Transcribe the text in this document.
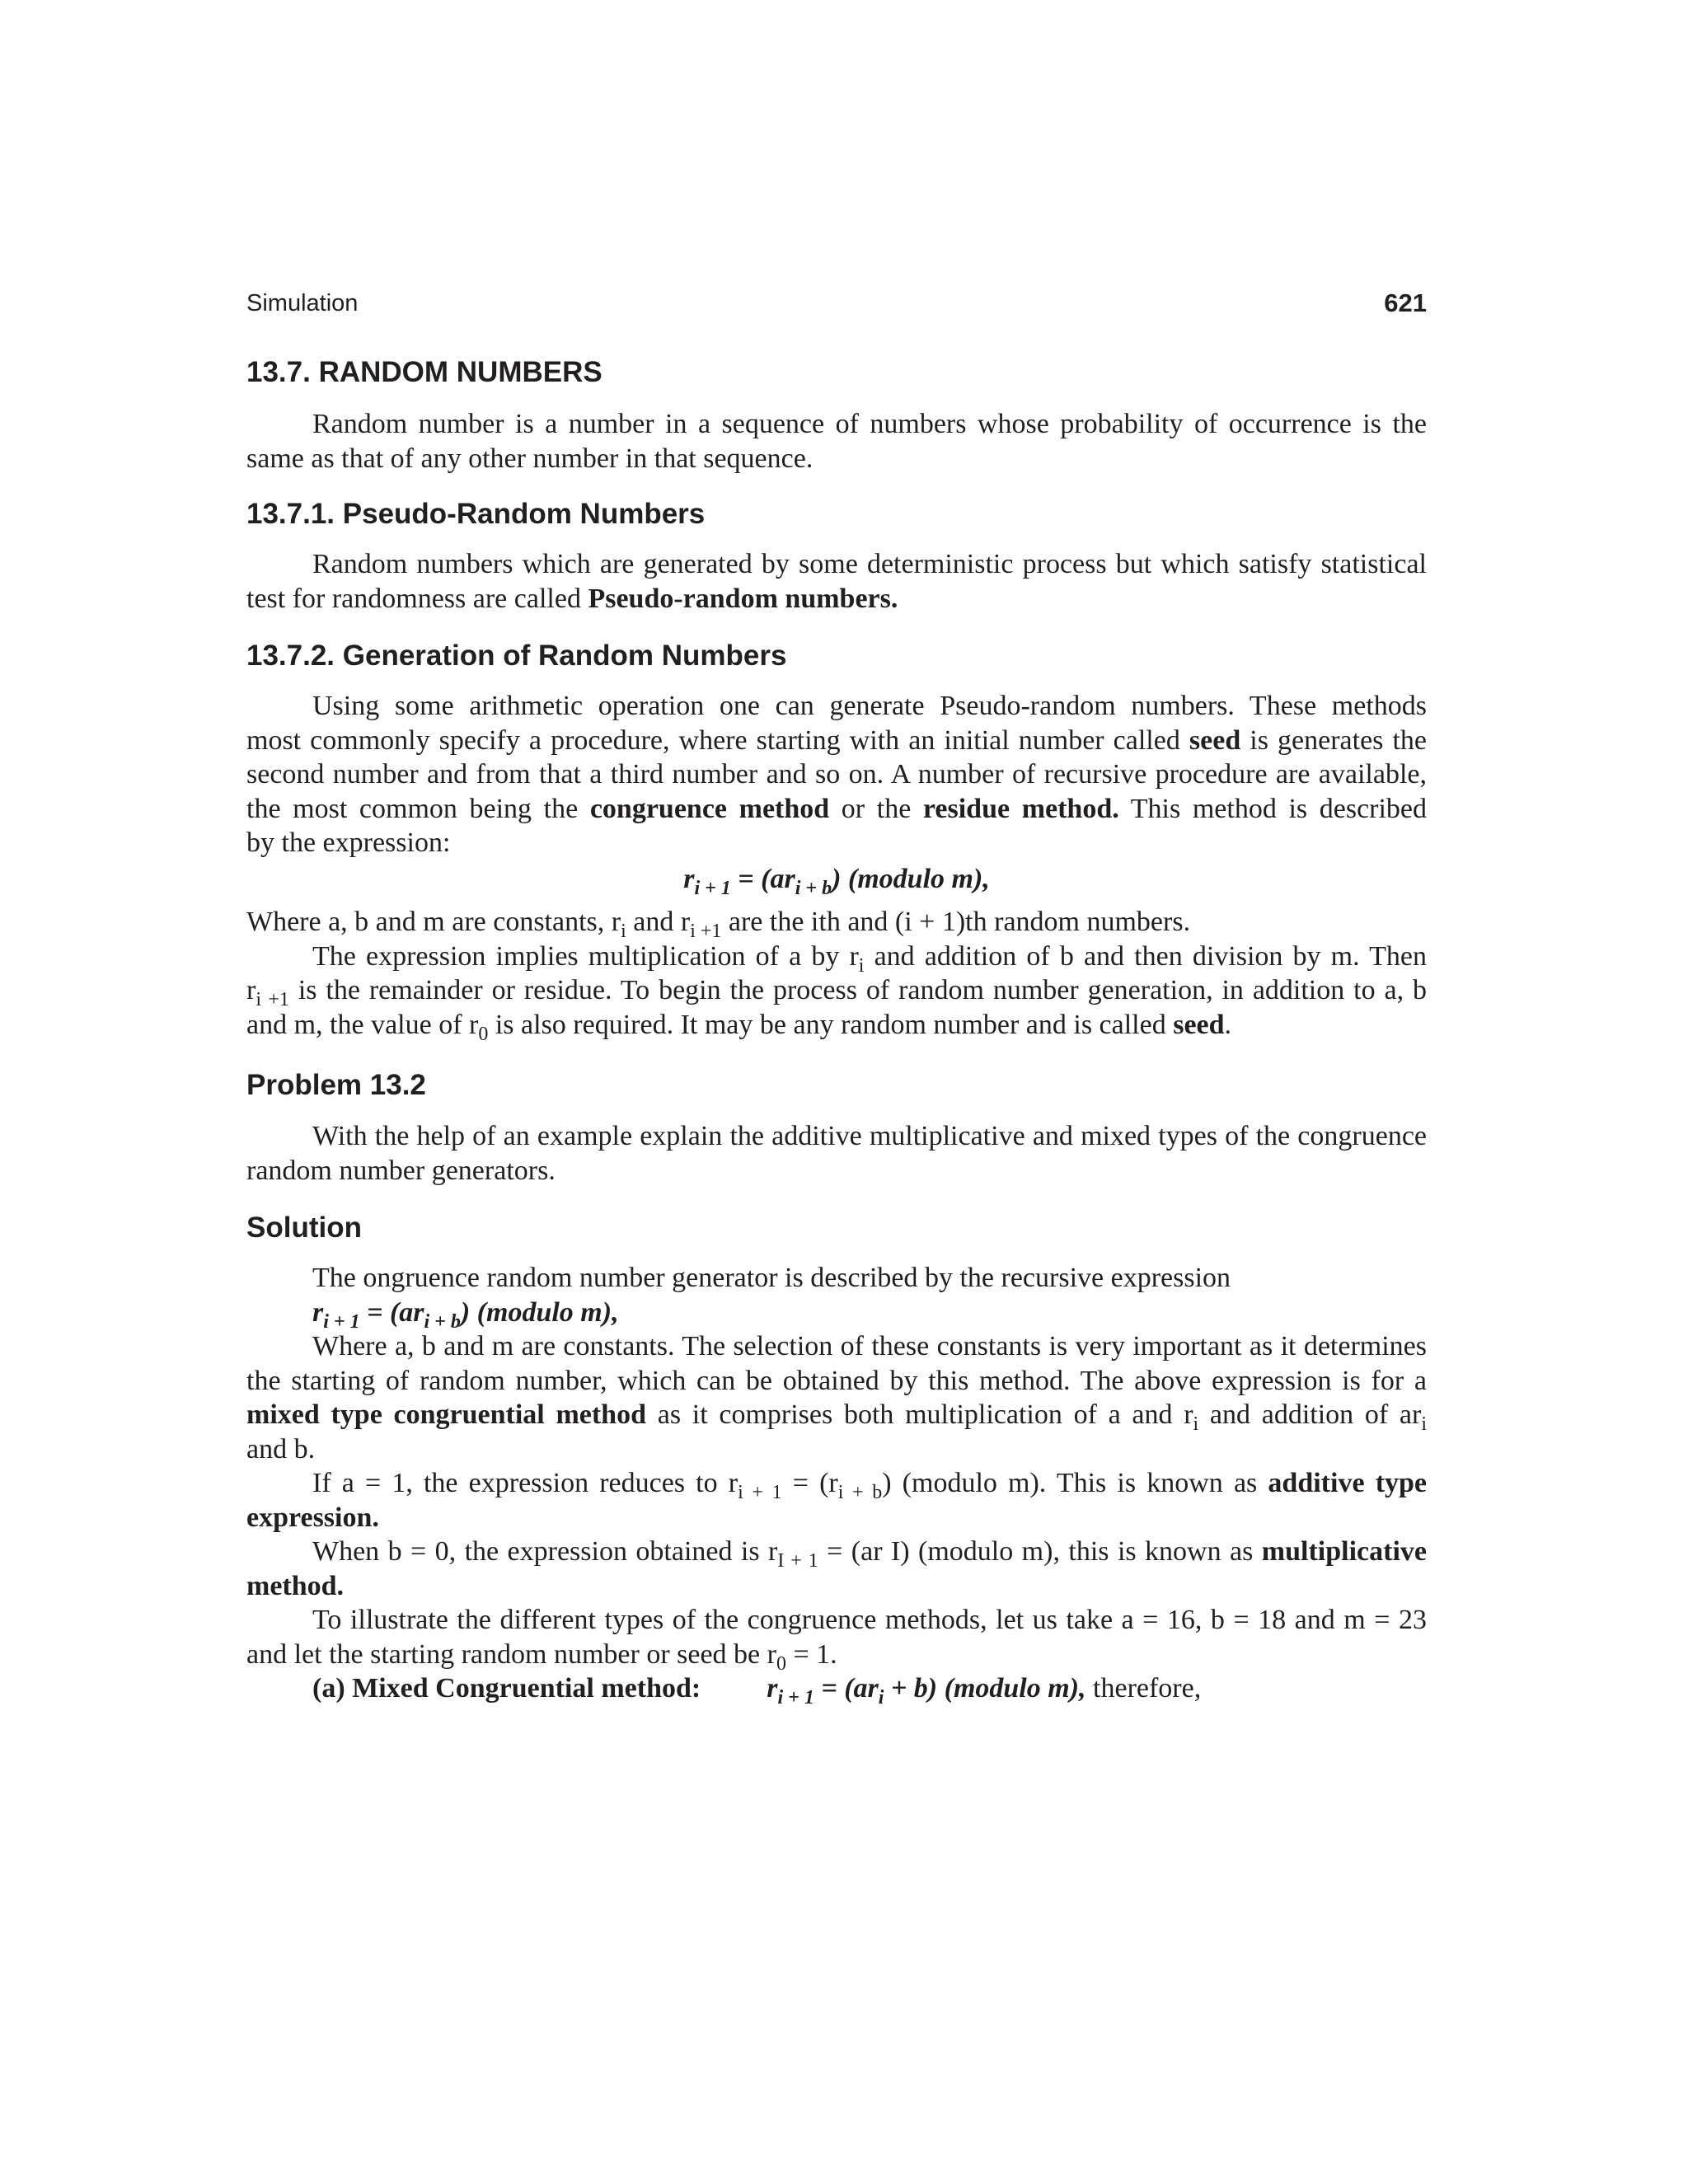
Simulation	621
13.7. RANDOM NUMBERS
Random number is a number in a sequence of numbers whose probability of occurrence is the
same as that of any other number in that sequence.
13.7.1. Pseudo-Random Numbers
Random numbers which are generated by some deterministic process but which satisfy statistical
test for randomness are called Pseudo-random numbers.
13.7.2. Generation of Random Numbers
Using some arithmetic operation one can generate Pseudo-random numbers. These methods
most commonly specify a procedure, where starting with an initial number called seed is generates the
second number and from that a third number and so on. A number of recursive procedure are available,
the most common being the congruence method or the residue method. This method is described
by the expression:
$r_{i + 1} = (ar_{i + b})$ (modulo m),
Where a, b and m are constants, $r_i$ and $r_{i +1}$ are the ith and (i + 1)th random numbers.
The expression implies multiplication of a by $r_i$ and addition of b and then division by m. Then
$r_{i +1}$ is the remainder or residue. To begin the process of random number generation, in addition to a, b
and m, the value of $r_0$ is also required. It may be any random number and is called seed.
Problem 13.2
With the help of an example explain the additive multiplicative and mixed types of the congruence
random number generators.
Solution
The ongruence random number generator is described by the recursive expression
$r_{i + 1} = (ar_{i + b})$ (modulo m),
Where a, b and m are constants. The selection of these constants is very important as it determines
the starting of random number, which can be obtained by this method. The above expression is for a
mixed type congruential method as it comprises both multiplication of a and $r_i$ and addition of $ar_i$
and b.
If a = 1, the expression reduces to $r_{i + 1} = (r_{i + b})$ (modulo m). This is known as additive type
expression.
When b = 0, the expression obtained is $r_{I + 1} = (ar$ I) (modulo m), this is known as multiplicative
method.
To illustrate the different types of the congruence methods, let us take a = 16, b = 18 and m = 23
and let the starting random number or seed be $r_0 = 1$.
(a) Mixed Congruential method: $r_{i + 1} = (ar_i + b)$ (modulo m), therefore,
